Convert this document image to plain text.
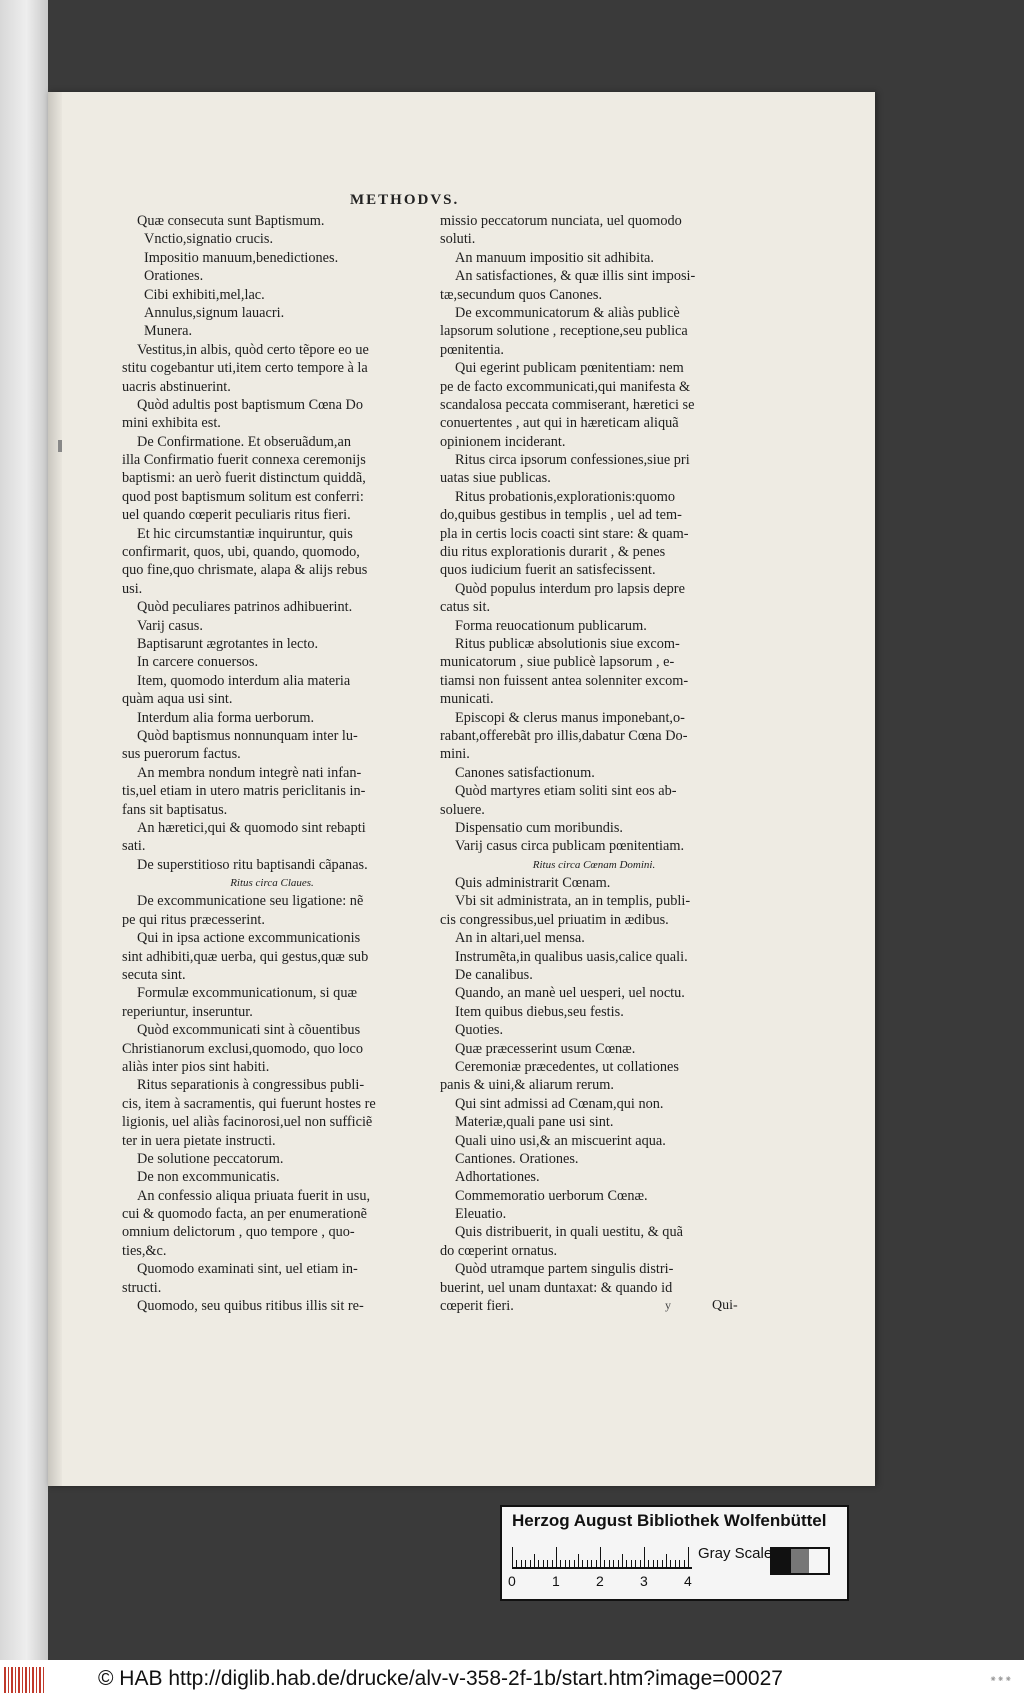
METHODVS.
Quæ consecuta sunt Baptismum.
Vnctio,signatio crucis.
Impositio manuum,benedictiones.
Orationes.
Cibi exhibiti,mel,lac.
Annulus,signum lauacri.
Munera.
Vestitus,in albis, quòd certo tẽpore eo ue
stitu cogebantur uti,item certo tempore à la
uacris abstinuerint.
Quòd adultis post baptismum Cœna Do
mini exhibita est.
De Confirmatione. Et obseruãdum,an
illa Confirmatio fuerit connexa ceremonijs
baptismi: an uerò fuerit distinctum quiddã,
quod post baptismum solitum est conferri:
uel quando cœperit peculiaris ritus fieri.
Et hic circumstantiæ inquiruntur, quis
confirmarit, quos, ubi, quando, quomodo,
quo fine,quo chrismate, alapa & alijs rebus
usi.
Quòd peculiares patrinos adhibuerint.
Varij casus.
Baptisarunt ægrotantes in lecto.
In carcere conuersos.
Item, quomodo interdum alia materia
quàm aqua usi sint.
Interdum alia forma uerborum.
Quòd baptismus nonnunquam inter lu-
sus puerorum factus.
An membra nondum integrè nati infan-
tis,uel etiam in utero matris periclitanis in-
fans sit baptisatus.
An hæretici,qui & quomodo sint rebapti
sati.
De superstitioso ritu baptisandi cãpanas.
Ritus circa Claues.
De excommunicatione seu ligatione: nẽ
pe qui ritus præcesserint.
Qui in ipsa actione excommunicationis
sint adhibiti,quæ uerba, qui gestus,quæ sub
secuta sint.
Formulæ excommunicationum, si quæ
reperiuntur, inseruntur.
Quòd excommunicati sint à cõuentibus
Christianorum exclusi,quomodo, quo loco
aliàs inter pios sint habiti.
Ritus separationis à congressibus publi-
cis, item à sacramentis, qui fuerunt hostes re
ligionis, uel aliàs facinorosi,uel non sufficiẽ
ter in uera pietate instructi.
De solutione peccatorum.
De non excommunicatis.
An confessio aliqua priuata fuerit in usu,
cui & quomodo facta, an per enumerationẽ
omnium delictorum , quo tempore , quo-
ties,&c.
Quomodo examinati sint, uel etiam in-
structi.
Quomodo, seu quibus ritibus illis sit re-
missio peccatorum nunciata, uel quomodo
soluti.
An manuum impositio sit adhibita.
An satisfactiones, & quæ illis sint imposi-
tæ,secundum quos Canones.
De excommunicatorum & aliàs publicè
lapsorum solutione , receptione,seu publica
pœnitentia.
Qui egerint publicam pœnitentiam: nem
pe de facto excommunicati,qui manifesta &
scandalosa peccata commiserant, hæretici se
conuertentes , aut qui in hæreticam aliquã
opinionem inciderant.
Ritus circa ipsorum confessiones,siue pri
uatas siue publicas.
Ritus probationis,explorationis:quomo
do,quibus gestibus in templis , uel ad tem-
pla in certis locis coacti sint stare: & quam-
diu ritus explorationis durarit , & penes
quos iudicium fuerit an satisfecissent.
Quòd populus interdum pro lapsis depre
catus sit.
Forma reuocationum publicarum.
Ritus publicæ absolutionis siue excom-
municatorum , siue publicè lapsorum , e-
tiamsi non fuissent antea solenniter excom-
municati.
Episcopi & clerus manus imponebant,o-
rabant,offerebãt pro illis,dabatur Cœna Do-
mini.
Canones satisfactionum.
Quòd martyres etiam soliti sint eos ab-
soluere.
Dispensatio cum moribundis.
Varij casus circa publicam pœnitentiam.
Ritus circa Cœnam Domini.
Quis administrarit Cœnam.
Vbi sit administrata, an in templis, publi-
cis congressibus,uel priuatim in ædibus.
An in altari,uel mensa.
Instrumẽta,in qualibus uasis,calice quali.
De canalibus.
Quando, an manè uel uesperi, uel noctu.
Item quibus diebus,seu festis.
Quoties.
Quæ præcesserint usum Cœnæ.
Ceremoniæ præcedentes, ut collationes
panis & uini,& aliarum rerum.
Qui sint admissi ad Cœnam,qui non.
Materiæ,quali pane usi sint.
Quali uino usi,& an miscuerint aqua.
Cantiones. Orationes.
Adhortationes.
Commemoratio uerborum Cœnæ.
Eleuatio.
Quis distribuerit, in quali uestitu, & quã
do cœperint ornatus.
Quòd utramque partem singulis distri-
buerint, uel unam duntaxat: & quando id
cœperit fieri.	y	Qui-
Herzog August Bibliothek Wolfenbüttel
0	1	2	3	4
Gray Scale
© HAB http://diglib.hab.de/drucke/alv-v-358-2f-1b/start.htm?image=00027	⁕⁕⁕
